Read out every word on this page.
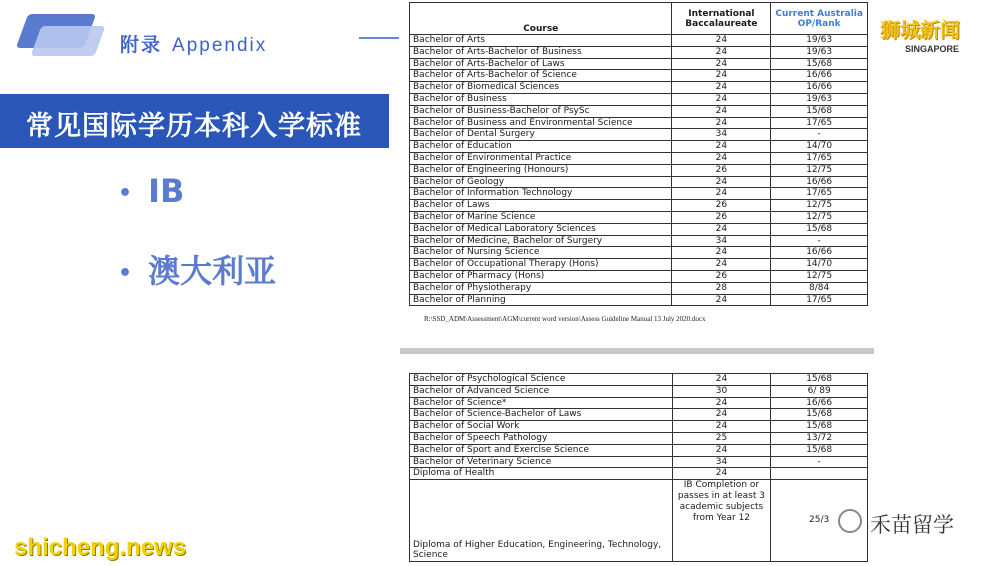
附录 Appendix
常见国际学历本科入学标准
• IB
• 澳大利亚
Course	International Baccalaureate	Current Australia OP/Rank
Bachelor of Arts	24	19/63
Bachelor of Arts-Bachelor of Business	24	19/63
Bachelor of Arts-Bachelor of Laws	24	15/68
Bachelor of Arts-Bachelor of Science	24	16/66
Bachelor of Biomedical Sciences	24	16/66
Bachelor of Business	24	19/63
Bachelor of Business-Bachelor of PsySc	24	15/68
Bachelor of Business and Environmental Science	24	17/65
Bachelor of Dental Surgery	34	-
Bachelor of Education	24	14/70
Bachelor of Environmental Practice	24	17/65
Bachelor of Engineering (Honours)	26	12/75
Bachelor of Geology	24	16/66
Bachelor of Information Technology	24	17/65
Bachelor of Laws	26	12/75
Bachelor of Marine Science	26	12/75
Bachelor of Medical Laboratory Sciences	24	15/68
Bachelor of Medicine, Bachelor of Surgery	34	-
Bachelor of Nursing Science	24	16/66
Bachelor of Occupational Therapy (Hons)	24	14/70
Bachelor of Pharmacy (Hons)	26	12/75
Bachelor of Physiotherapy	28	8/84
Bachelor of Planning	24	17/65
R:\SSD_ADM\Assessment\AGM\current word version\Assess Guideline Manual 13 July 2020.docx
Bachelor of Psychological Science	24	15/68
Bachelor of Advanced Science	30	6/ 89
Bachelor of Science*	24	16/66
Bachelor of Science-Bachelor of Laws	24	15/68
Bachelor of Social Work	24	15/68
Bachelor of Speech Pathology	25	13/72
Bachelor of Sport and Exercise Science	24	15/68
Bachelor of Veterinary Science	34	-
Diploma of Health	24	
Diploma of Higher Education, Engineering, Technology, Science	IB Completion or passes in at least 3 academic subjects from Year 12	25/3
狮城新闻
SINGAPORE
禾苗留学
shicheng.news
